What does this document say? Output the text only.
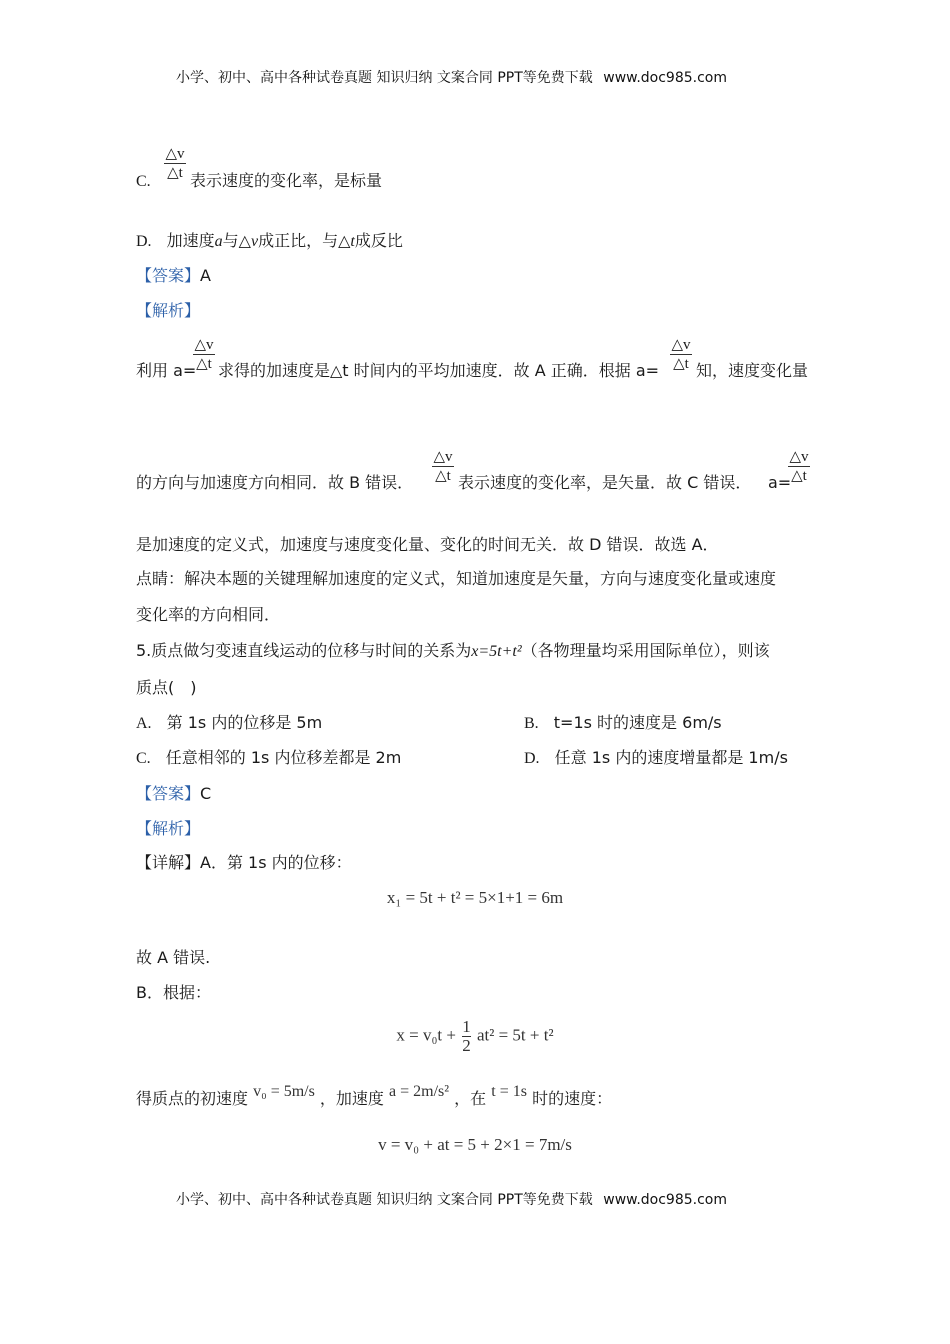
小学、初中、高中各种试卷真题 知识归纳 文案合同 PPT等免费下载 www.doc985.com
$\frac{\triangle v}{\triangle t}$
C. 表示速度的变化率，是标量
D. 加速度a与△v成正比，与△t成反比
【答案】A
【解析】
$\frac{\triangle v}{\triangle t}$	$\frac{\triangle v}{\triangle t}$
利用 a= 求得的加速度是△t 时间内的平均加速度．故 A 正确．根据 a= 知，速度变化量
$\frac{\triangle v}{\triangle t}$	$\frac{\triangle v}{\triangle t}$
的方向与加速度方向相同．故 B 错误．	表示速度的变化率，是矢量．故 C 错误． a=
是加速度的定义式，加速度与速度变化量、变化的时间无关．故 D 错误．故选 A．
点睛：解决本题的关键理解加速度的定义式，知道加速度是矢量，方向与速度变化量或速度
变化率的方向相同．
5.质点做匀变速直线运动的位移与时间的关系为x=5t+t²（各物理量均采用国际单位），则该
质点(　)
A. 第 1s 内的位移是 5m	B. t=1s 时的速度是 6m/s
C. 任意相邻的 1s 内位移差都是 2m	D. 任意 1s 内的速度增量都是 1m/s
【答案】C
【解析】
【详解】A．第 1s 内的位移：
x₁ = 5t + t² = 5×1+1 = 6m
故 A 错误.
B．根据：
$x = v_0t + \frac{1}{2} at^2 = 5t + t^2$
得质点的初速度 v₀ = 5m/s ，加速度 a = 2m/s² ，在 t = 1s 时的速度：
v = v₀ + at = 5 + 2×1 = 7m/s
小学、初中、高中各种试卷真题 知识归纳 文案合同 PPT等免费下载 www.doc985.com
